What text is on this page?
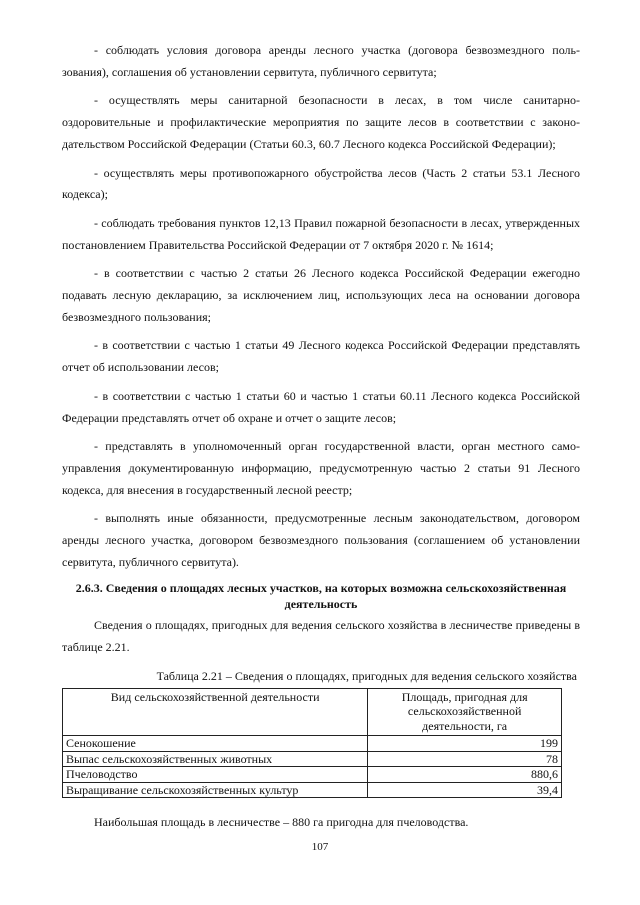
- соблюдать условия договора аренды лесного участка (договора безвозмездного пользования), соглашения об установлении сервитута, публичного сервитута;

- осуществлять меры санитарной безопасности в лесах, в том числе санитарно-оздоровительные и профилактические мероприятия по защите лесов в соответствии с законодательством Российской Федерации (Статьи 60.3, 60.7 Лесного кодекса Российской Федерации);

- осуществлять меры противопожарного обустройства лесов (Часть 2 статьи 53.1 Лесного кодекса);

- соблюдать требования пунктов 12,13 Правил пожарной безопасности в лесах, утвержденных постановлением Правительства Российской Федерации от 7 октября 2020 г. № 1614;

- в соответствии с частью 2 статьи 26 Лесного кодекса Российской Федерации ежегодно подавать лесную декларацию, за исключением лиц, использующих леса на основании договора безвозмездного пользования;

- в соответствии с частью 1 статьи 49 Лесного кодекса Российской Федерации представлять отчет об использовании лесов;

- в соответствии с частью 1 статьи 60 и частью 1 статьи 60.11 Лесного кодекса Российской Федерации представлять отчет об охране и отчет о защите лесов;

- представлять в уполномоченный орган государственной власти, орган местного самоуправления документированную информацию, предусмотренную частью 2 статьи 91 Лесного кодекса, для внесения в государственный лесной реестр;

- выполнять иные обязанности, предусмотренные лесным законодательством, договором аренды лесного участка, договором безвозмездного пользования (соглашением об установлении сервитута, публичного сервитута).

2.6.3. Сведения о площадях лесных участков, на которых возможна сельскохозяйственная деятельность

Сведения о площадях, пригодных для ведения сельского хозяйства в лесничестве приведены в таблице 2.21.

Таблица 2.21 – Сведения о площадях, пригодных для ведения сельского хозяйства

Вид сельскохозяйственной деятельности	Площадь, пригодная для сельскохозяйственной деятельности, га
Сенокошение	199
Выпас сельскохозяйственных животных	78
Пчеловодство	880,6
Выращивание сельскохозяйственных культур	39,4

Наибольшая площадь в лесничестве – 880 га пригодна для пчеловодства.

107
